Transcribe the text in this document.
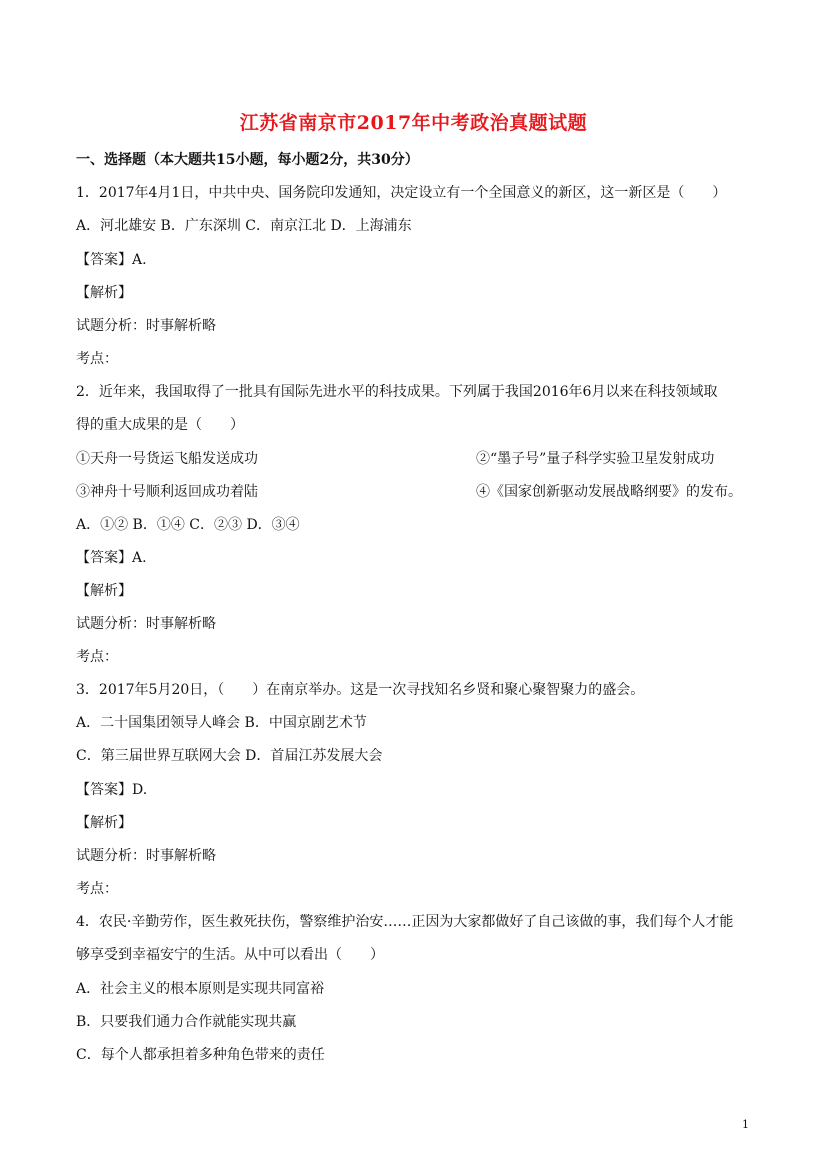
江苏省南京市2017年中考政治真题试题
一、选择题（本大题共15小题，每小题2分，共30分）
1．2017年4月1日，中共中央、国务院印发通知，决定设立有一个全国意义的新区，这一新区是（　　）
A．河北雄安 B．广东深圳 C．南京江北 D．上海浦东
【答案】A.
【解析】
试题分析：时事解析略
考点：
2．近年来，我国取得了一批具有国际先进水平的科技成果。下列属于我国2016年6月以来在科技领域取
得的重大成果的是（　　）
①天舟一号货运飞船发送成功	②“墨子号”量子科学实验卫星发射成功
③神舟十号顺利返回成功着陆	④《国家创新驱动发展战略纲要》的发布。
A．①② B．①④ C．②③ D．③④
【答案】A.
【解析】
试题分析：时事解析略
考点：
3．2017年5月20日，（　　）在南京举办。这是一次寻找知名乡贤和聚心聚智聚力的盛会。
A．二十国集团领导人峰会 B．中国京剧艺术节
C．第三届世界互联网大会 D．首届江苏发展大会
【答案】D.
【解析】
试题分析：时事解析略
考点：
4．农民·辛勤劳作，医生救死扶伤，警察维护治安……正因为大家都做好了自己该做的事，我们每个人才能
够享受到幸福安宁的生活。从中可以看出（　　）
A．社会主义的根本原则是实现共同富裕
B．只要我们通力合作就能实现共赢
C．每个人都承担着多种角色带来的责任
1
